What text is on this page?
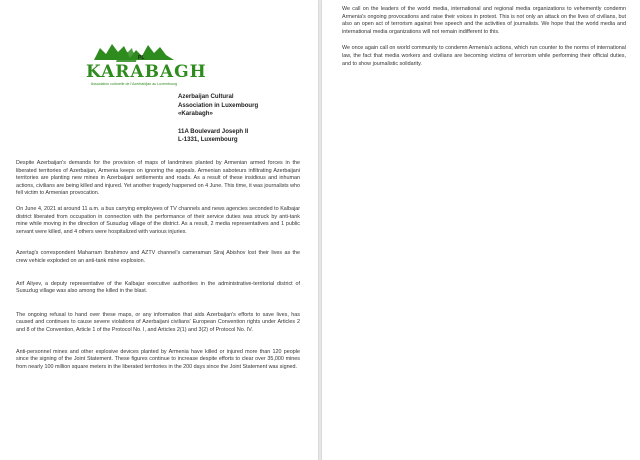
PL
KARABAGH
Association culturelle de l'Azerbaïdjan au Luxembourg
Azerbaijan Cultural
Association in Luxembourg
«Karabagh»
11A Boulevard Joseph II
L-1331, Luxembourg

Despite Azerbaijan's demands for the provision of maps of landmines planted by Armenian armed forces in the liberated territories of Azerbaijan, Armenia keeps on ignoring the appeals. Armenian saboteurs infiltrating Azerbaijani territories are planting new mines in Azerbaijani settlements and roads. As a result of these insidious and inhuman actions, civilians are being killed and injured. Yet another tragedy happened on 4 June. This time, it was journalists who fell victim to Armenian provocation.

On June 4, 2021 at around 11 a.m. a bus carrying employees of TV channels and news agencies seconded to Kalbajar district liberated from occupation in connection with the performance of their service duties was struck by anti-tank mine while moving in the direction of Susuzlug village of the district. As a result, 2 media representatives and 1 public servant were killed, and 4 others were hospitalized with various injuries.

Azertag's correspondent Maharram Ibrahimov and AZTV channel's cameraman Siraj Abishov lost their lives as the crew vehicle exploded on an anti-tank mine explosion.

Arif Aliyev, a deputy representative of the Kalbajar executive authorities in the administrative-territorial district of Susuzlug village was also among the killed in the blast.

The ongoing refusal to hand over these maps, or any information that aids Azerbaijan's efforts to save lives, has caused and continues to cause severe violations of Azerbaijani civilians' European Convention rights under Articles 2 and 8 of the Convention, Article 1 of the Protocol No. I, and Articles 2(1) and 3(2) of Protocol No. IV.

Anti-personnel mines and other explosive devices planted by Armenia have killed or injured more than 120 people since the signing of the Joint Statement. These figures continue to increase despite efforts to clear over 35,000 mines from nearly 100 million square meters in the liberated territories in the 200 days since the Joint Statement was signed.

We call on the leaders of the world media, international and regional media organizations to vehemently condemn Armenia's ongoing provocations and raise their voices in protest. This is not only an attack on the lives of civilians, but also an open act of terrorism against free speech and the activities of journalists. We hope that the world media and international media organizations will not remain indifferent to this.

We once again call on world community to condemn Armenia's actions, which run counter to the norms of international law, the fact that media workers and civilians are becoming victims of terrorism while performing their official duties, and to show journalistic solidarity.
